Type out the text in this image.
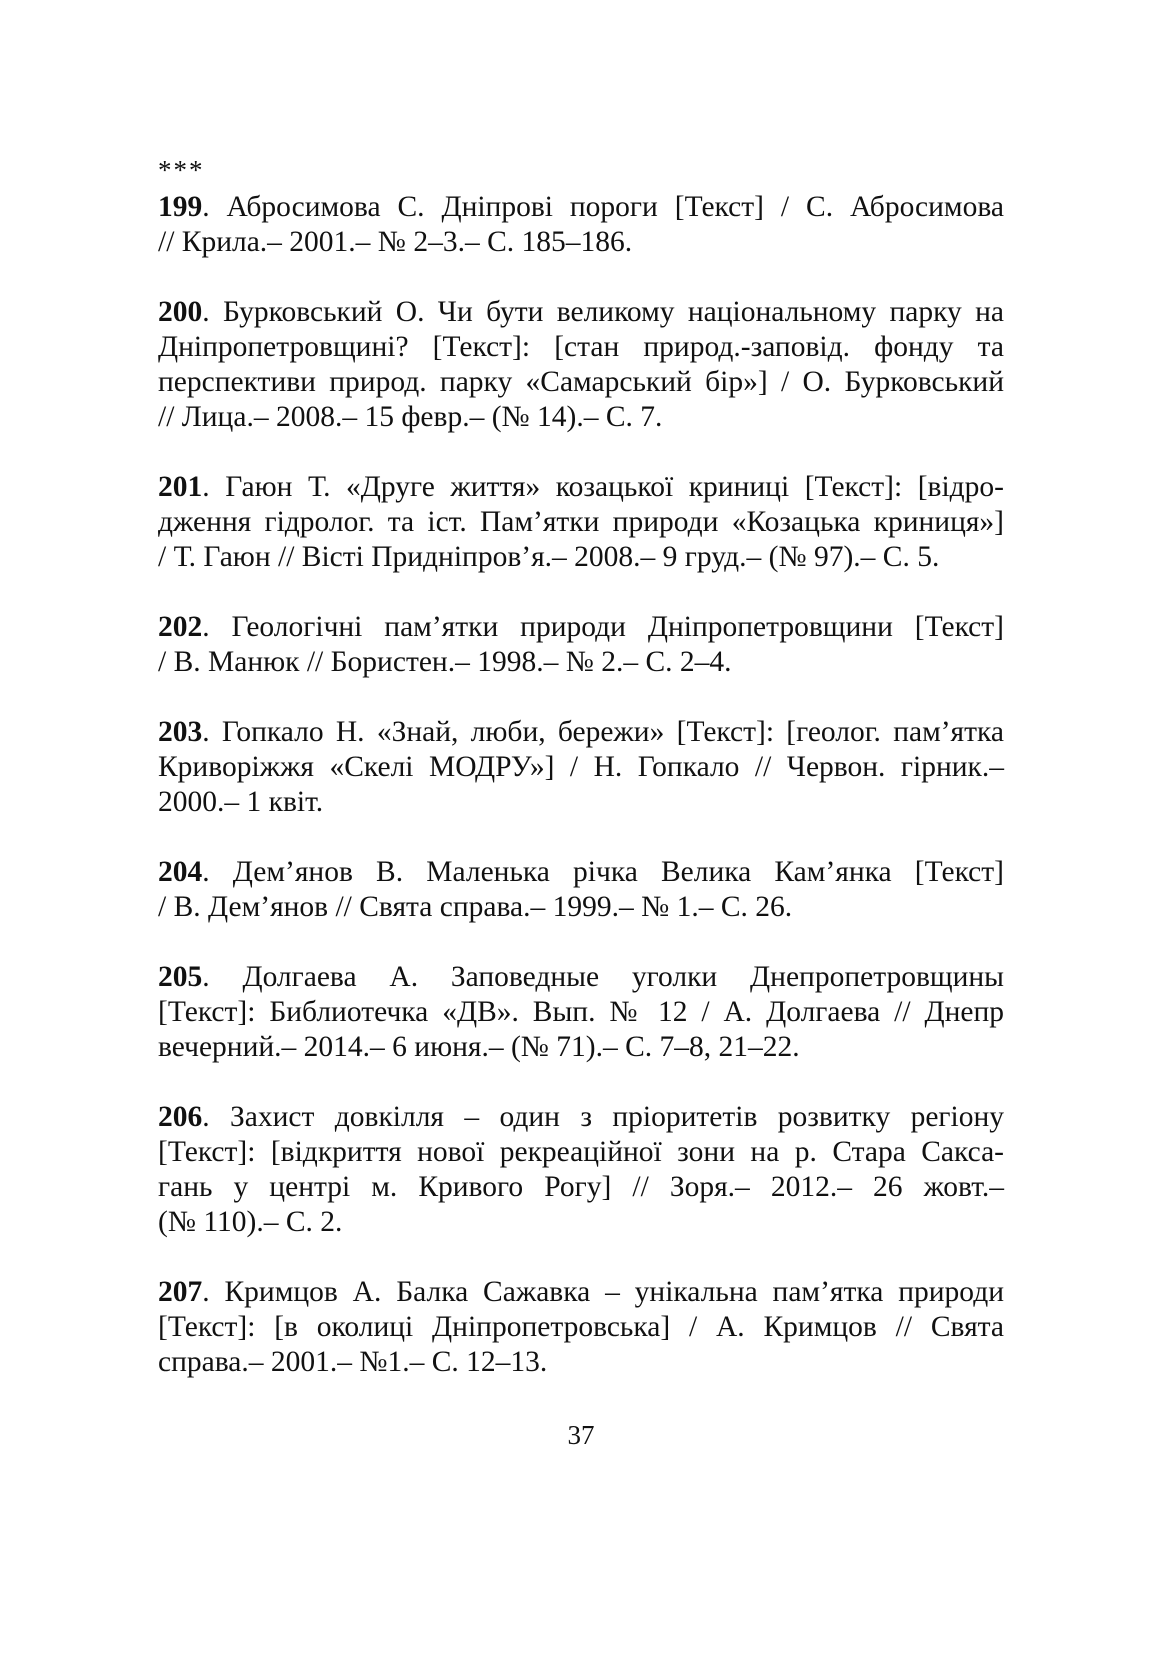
***
199. Абросимова С. Дніпрові пороги [Текст] / С. Абросимова
// Крила.– 2001.– № 2–3.– С. 185–186.
200. Бурковський О. Чи бути великому національному парку на
Дніпропетровщині? [Текст]: [стан природ.-заповід. фонду та
перспективи природ. парку «Самарський бір»] / О. Бурковський
// Лица.– 2008.– 15 февр.– (№ 14).– С. 7.
201. Гаюн Т. «Друге життя» козацької криниці [Текст]: [відро-
дження гідролог. та іст. Пам’ятки природи «Козацька криниця»]
/ Т. Гаюн // Вісті Придніпров’я.– 2008.– 9 груд.– (№ 97).– С. 5.
202. Геологічні пам’ятки природи Дніпропетровщини [Текст]
/ В. Манюк // Бористен.– 1998.– № 2.– С. 2–4.
203. Гопкало Н. «Знай, люби, бережи» [Текст]: [геолог. пам’ятка
Криворіжжя «Скелі МОДРУ»] / Н. Гопкало // Червон. гірник.–
2000.– 1 квіт.
204. Дем’янов В. Маленька річка Велика Кам’янка [Текст]
/ В. Дем’янов // Свята справа.– 1999.– № 1.– С. 26.
205. Долгаева А. Заповедные уголки Днепропетровщины
[Текст]: Библиотечка «ДВ». Вып. № 12 / А. Долгаева // Днепр
вечерний.– 2014.– 6 июня.– (№ 71).– С. 7–8, 21–22.
206. Захист довкілля – один з пріоритетів розвитку регіону
[Текст]: [відкриття нової рекреаційної зони на р. Стара Сакса-
гань у центрі м. Кривого Рогу] // Зоря.– 2012.– 26 жовт.–
(№ 110).– С. 2.
207. Кримцов А. Балка Сажавка – унікальна пам’ятка природи
[Текст]: [в околиці Дніпропетровська] / А. Кримцов // Свята
справа.– 2001.– №1.– С. 12–13.
37
